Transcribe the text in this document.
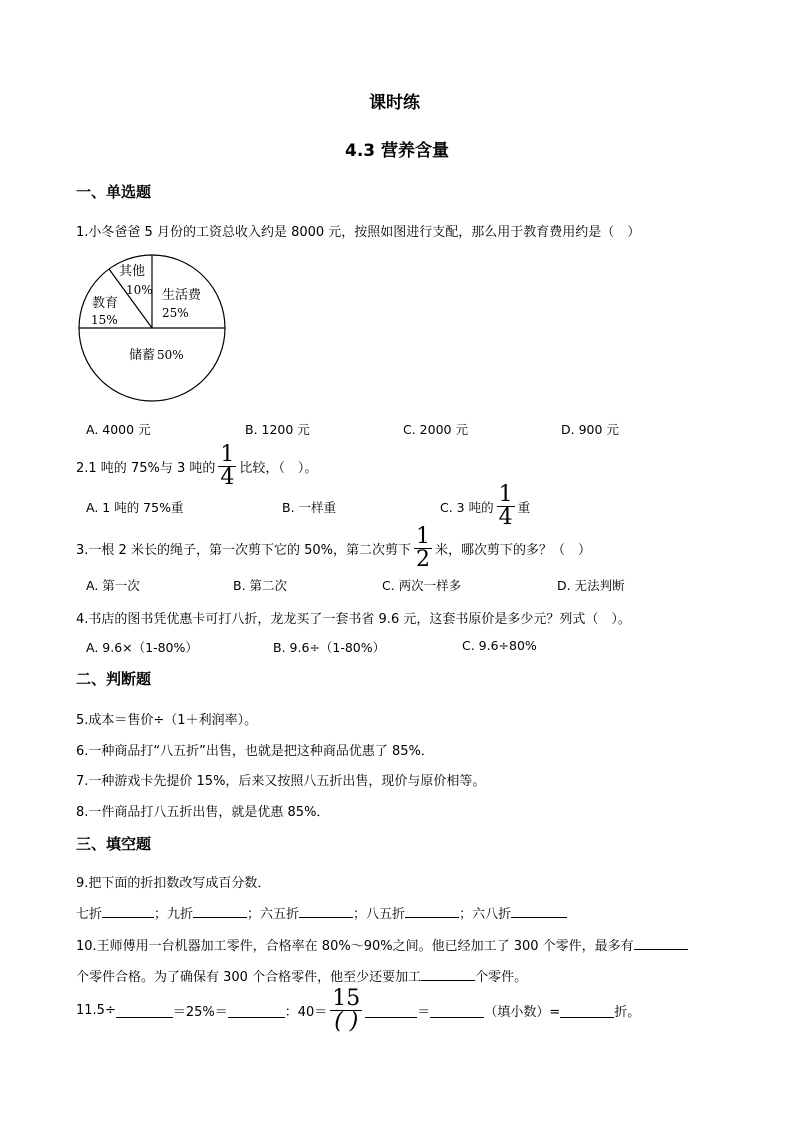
课时练
4.3 营养含量
一、单选题
1.小冬爸爸 5 月份的工资总收入约是 8000 元，按照如图进行支配，那么用于教育费用约是（　）
生活费
25%
储蓄 50%
教育
15%
其他
10%
A. 4000 元	B. 1200 元	C. 2000 元	D. 900 元
2.1 吨的 75%与 3 吨的 $\frac{1}{4}$ 比较，（　）。
A. 1 吨的 75%重	B. 一样重	C. 3 吨的 $\frac{1}{4}$ 重
3.一根 2 米长的绳子，第一次剪下它的 50%，第二次剪下 $\frac{1}{2}$ 米，哪次剪下的多？（　）
A. 第一次	B. 第二次	C. 两次一样多	D. 无法判断
4.书店的图书凭优惠卡可打八折，龙龙买了一套书省 9.6 元，这套书原价是多少元？列式（　）。
A. 9.6×（1-80%）	B. 9.6÷（1-80%）	C. 9.6÷80%
二、判断题
5.成本＝售价÷（1＋利润率）。
6.一种商品打“八五折”出售，也就是把这种商品优惠了 85%．
7.一种游戏卡先提价 15%，后来又按照八五折出售，现价与原价相等。
8.一件商品打八五折出售，就是优惠 85%．
三、填空题
9.把下面的折扣数改写成百分数．
七折	；九折	；六五折	；八五折	；六八折
10.王师傅用一台机器加工零件，合格率在 80%～90%之间。他已经加工了 300 个零件，最多有
个零件合格。为了确保有 300 个合格零件，他至少还要加工	个零件。
11.5÷	＝25%＝	：$40= \frac{15}{( )}$	＝	（填小数）=	折。
